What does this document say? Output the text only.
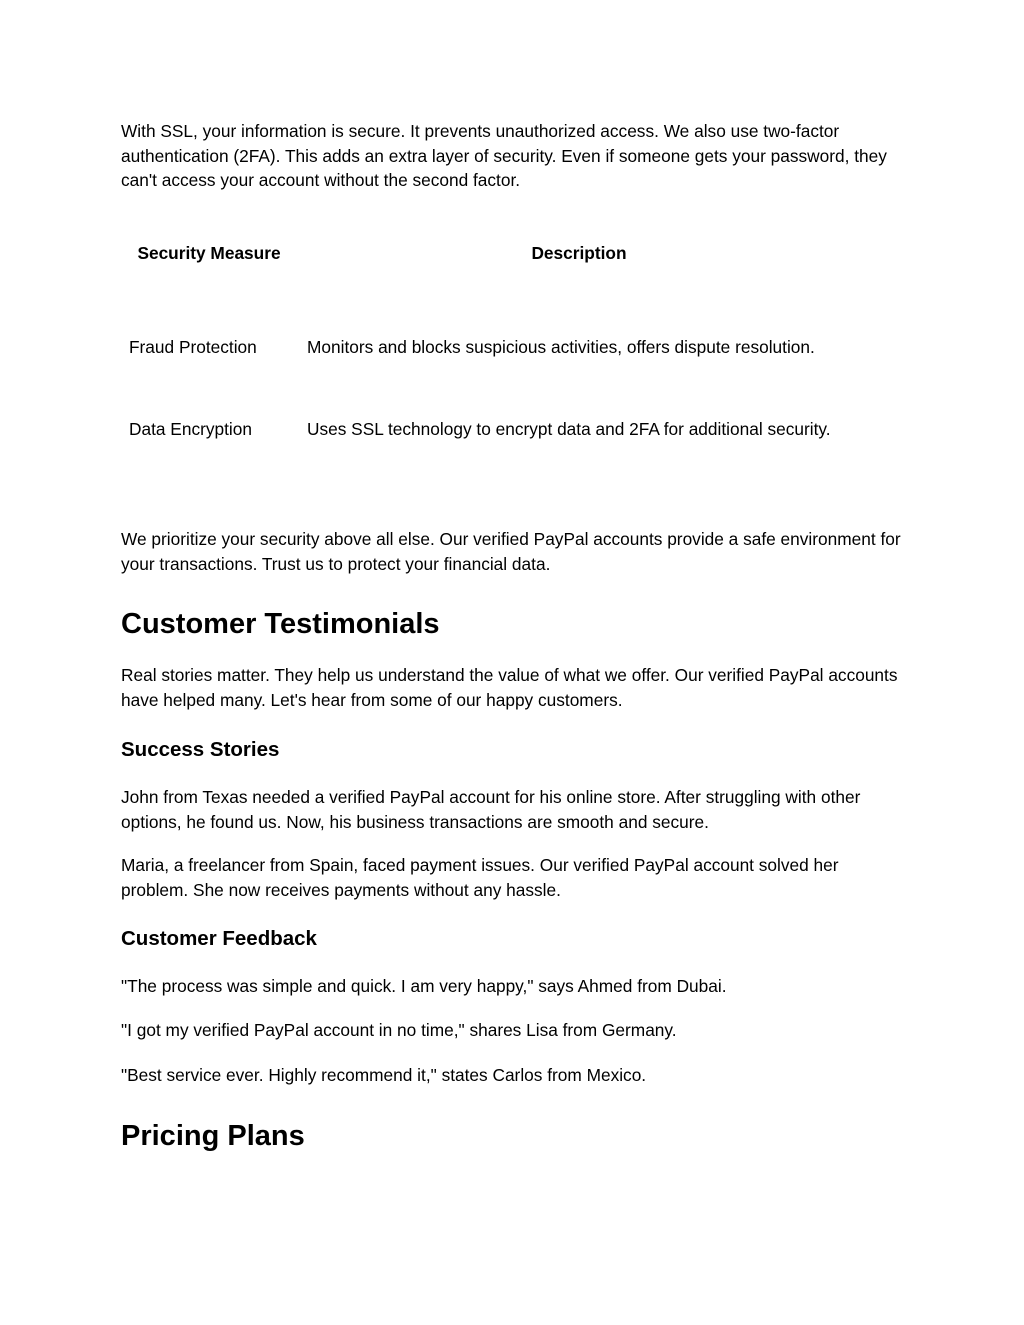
With SSL, your information is secure. It prevents unauthorized access. We also use two-factor authentication (2FA). This adds an extra layer of security. Even if someone gets your password, they can't access your account without the second factor.

Security Measure	Description
Fraud Protection	Monitors and blocks suspicious activities, offers dispute resolution.
Data Encryption	Uses SSL technology to encrypt data and 2FA for additional security.

We prioritize your security above all else. Our verified PayPal accounts provide a safe environment for your transactions. Trust us to protect your financial data.

Customer Testimonials

Real stories matter. They help us understand the value of what we offer. Our verified PayPal accounts have helped many. Let's hear from some of our happy customers.

Success Stories

John from Texas needed a verified PayPal account for his online store. After struggling with other options, he found us. Now, his business transactions are smooth and secure.

Maria, a freelancer from Spain, faced payment issues. Our verified PayPal account solved her problem. She now receives payments without any hassle.

Customer Feedback

"The process was simple and quick. I am very happy," says Ahmed from Dubai.

"I got my verified PayPal account in no time," shares Lisa from Germany.

"Best service ever. Highly recommend it," states Carlos from Mexico.

Pricing Plans
